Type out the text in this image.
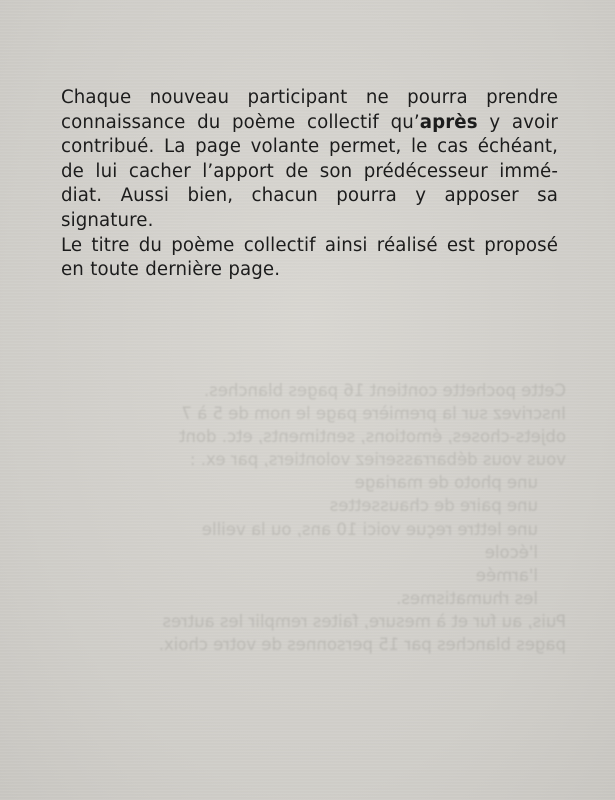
Cette pochette contient 16 pages blanches.
Inscrivez sur la première page le nom de 5 à 7
objets-choses, émotions, sentiments, etc. dont
vous vous débarrasseriez volontiers, par ex. :
une photo de mariage
une paire de chaussettes
une lettre reçue voici 10 ans, ou la veille
l'école
l'armée
les rhumatismes.
Puis, au fur et à mesure, faites remplir les autres
pages blanches par 15 personnes de votre choix.

Chaque nouveau participant ne pourra prendre

connaissance du poème collectif qu’après y avoir

contribué. La page volante permet, le cas échéant,

de lui cacher l’apport de son prédécesseur immé-

diat. Aussi bien, chacun pourra y apposer sa

signature.

Le titre du poème collectif ainsi réalisé est proposé

en toute dernière page.
